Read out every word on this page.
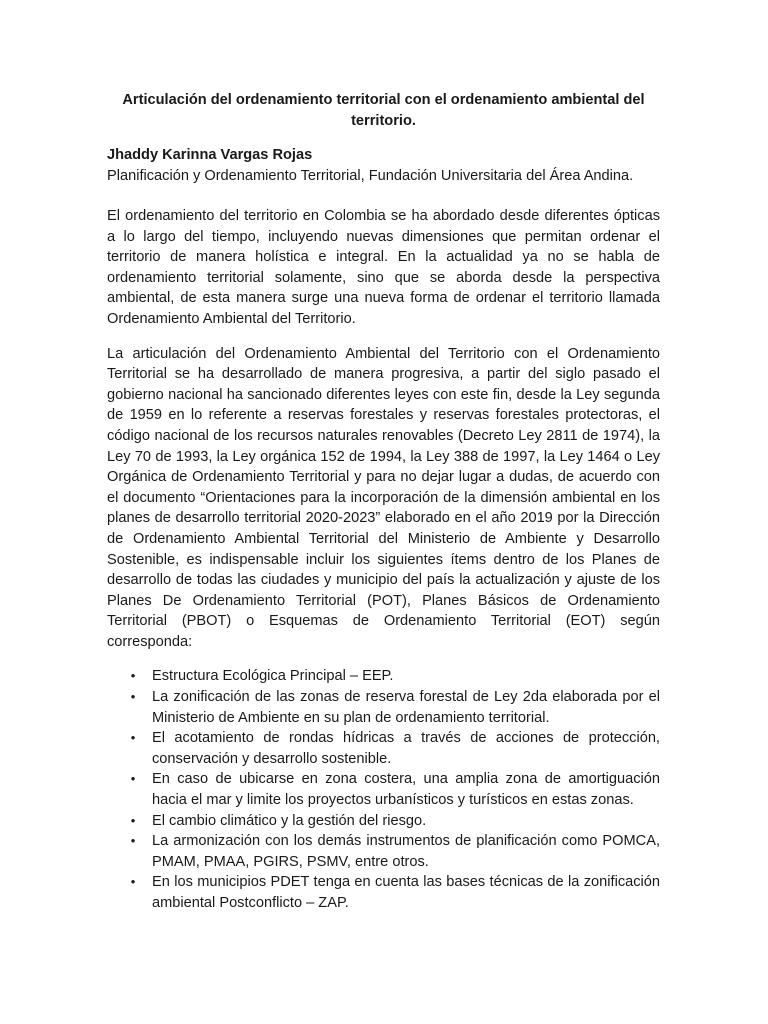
Articulación del ordenamiento territorial con el ordenamiento ambiental del territorio.
Jhaddy Karinna Vargas Rojas
Planificación y Ordenamiento Territorial, Fundación Universitaria del Área Andina.

El ordenamiento del territorio en Colombia se ha abordado desde diferentes ópticas a lo largo del tiempo, incluyendo nuevas dimensiones que permitan ordenar el territorio de manera holística e integral. En la actualidad ya no se habla de ordenamiento territorial solamente, sino que se aborda desde la perspectiva ambiental, de esta manera surge una nueva forma de ordenar el territorio llamada Ordenamiento Ambiental del Territorio.

La articulación del Ordenamiento Ambiental del Territorio con el Ordenamiento Territorial se ha desarrollado de manera progresiva, a partir del siglo pasado el gobierno nacional ha sancionado diferentes leyes con este fin, desde la Ley segunda de 1959 en lo referente a reservas forestales y reservas forestales protectoras, el código nacional de los recursos naturales renovables (Decreto Ley 2811 de 1974), la Ley 70 de 1993, la Ley orgánica 152 de 1994, la Ley 388 de 1997, la Ley 1464 o Ley Orgánica de Ordenamiento Territorial y para no dejar lugar a dudas, de acuerdo con el documento “Orientaciones para la incorporación de la dimensión ambiental en los planes de desarrollo territorial 2020-2023” elaborado en el año 2019 por la Dirección de Ordenamiento Ambiental Territorial del Ministerio de Ambiente y Desarrollo Sostenible, es indispensable incluir los siguientes ítems dentro de los Planes de desarrollo de todas las ciudades y municipio del país la actualización y ajuste de los Planes De Ordenamiento Territorial (POT), Planes Básicos de Ordenamiento Territorial (PBOT) o Esquemas de Ordenamiento Territorial (EOT) según corresponda:

• Estructura Ecológica Principal – EEP.
• La zonificación de las zonas de reserva forestal de Ley 2da elaborada por el Ministerio de Ambiente en su plan de ordenamiento territorial.
• El acotamiento de rondas hídricas a través de acciones de protección, conservación y desarrollo sostenible.
• En caso de ubicarse en zona costera, una amplia zona de amortiguación hacia el mar y limite los proyectos urbanísticos y turísticos en estas zonas.
• El cambio climático y la gestión del riesgo.
• La armonización con los demás instrumentos de planificación como POMCA, PMAM, PMAA, PGIRS, PSMV, entre otros.
• En los municipios PDET tenga en cuenta las bases técnicas de la zonificación ambiental Postconflicto – ZAP.
